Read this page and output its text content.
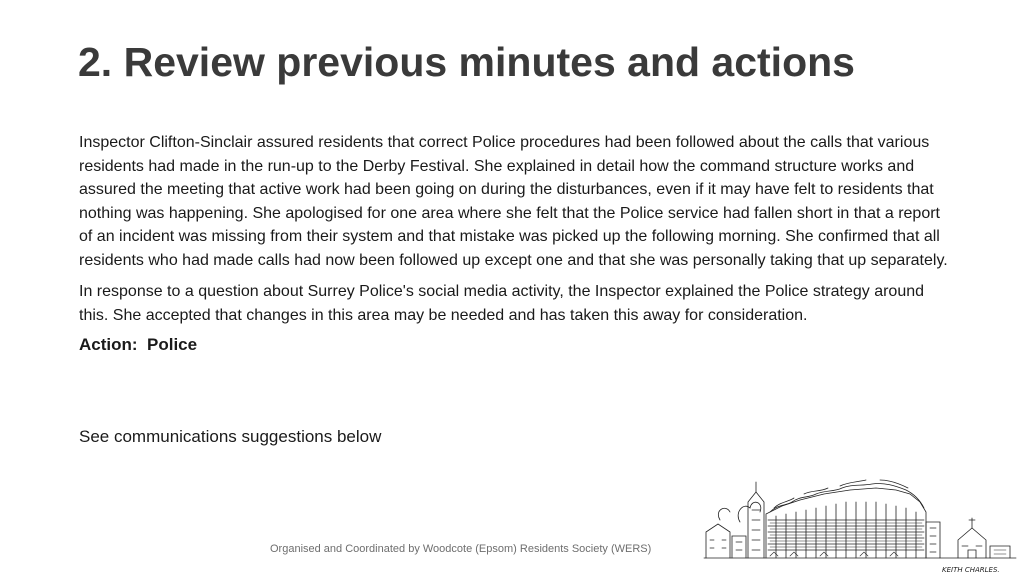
2. Review previous minutes and actions

Inspector Clifton-Sinclair assured residents that correct Police procedures had been followed about the calls that various residents had made in the run-up to the Derby Festival. She explained in detail how the command structure works and assured the meeting that active work had been going on during the disturbances, even if it may have felt to residents that nothing was happening. She apologised for one area where she felt that the Police service had fallen short in that a report of an incident was missing from their system and that mistake was picked up the following morning. She confirmed that all residents who had made calls had now been followed up except one and that she was personally taking that up separately.

In response to a question about Surrey Police's social media activity, the Inspector explained the Police strategy around this. She accepted that changes in this area may be needed and has taken this away for consideration.

Action:  Police

See communications suggestions below
Organised and Coordinated by Woodcote (Epsom) Residents Society (WERS)
KEITH CHARLES.
